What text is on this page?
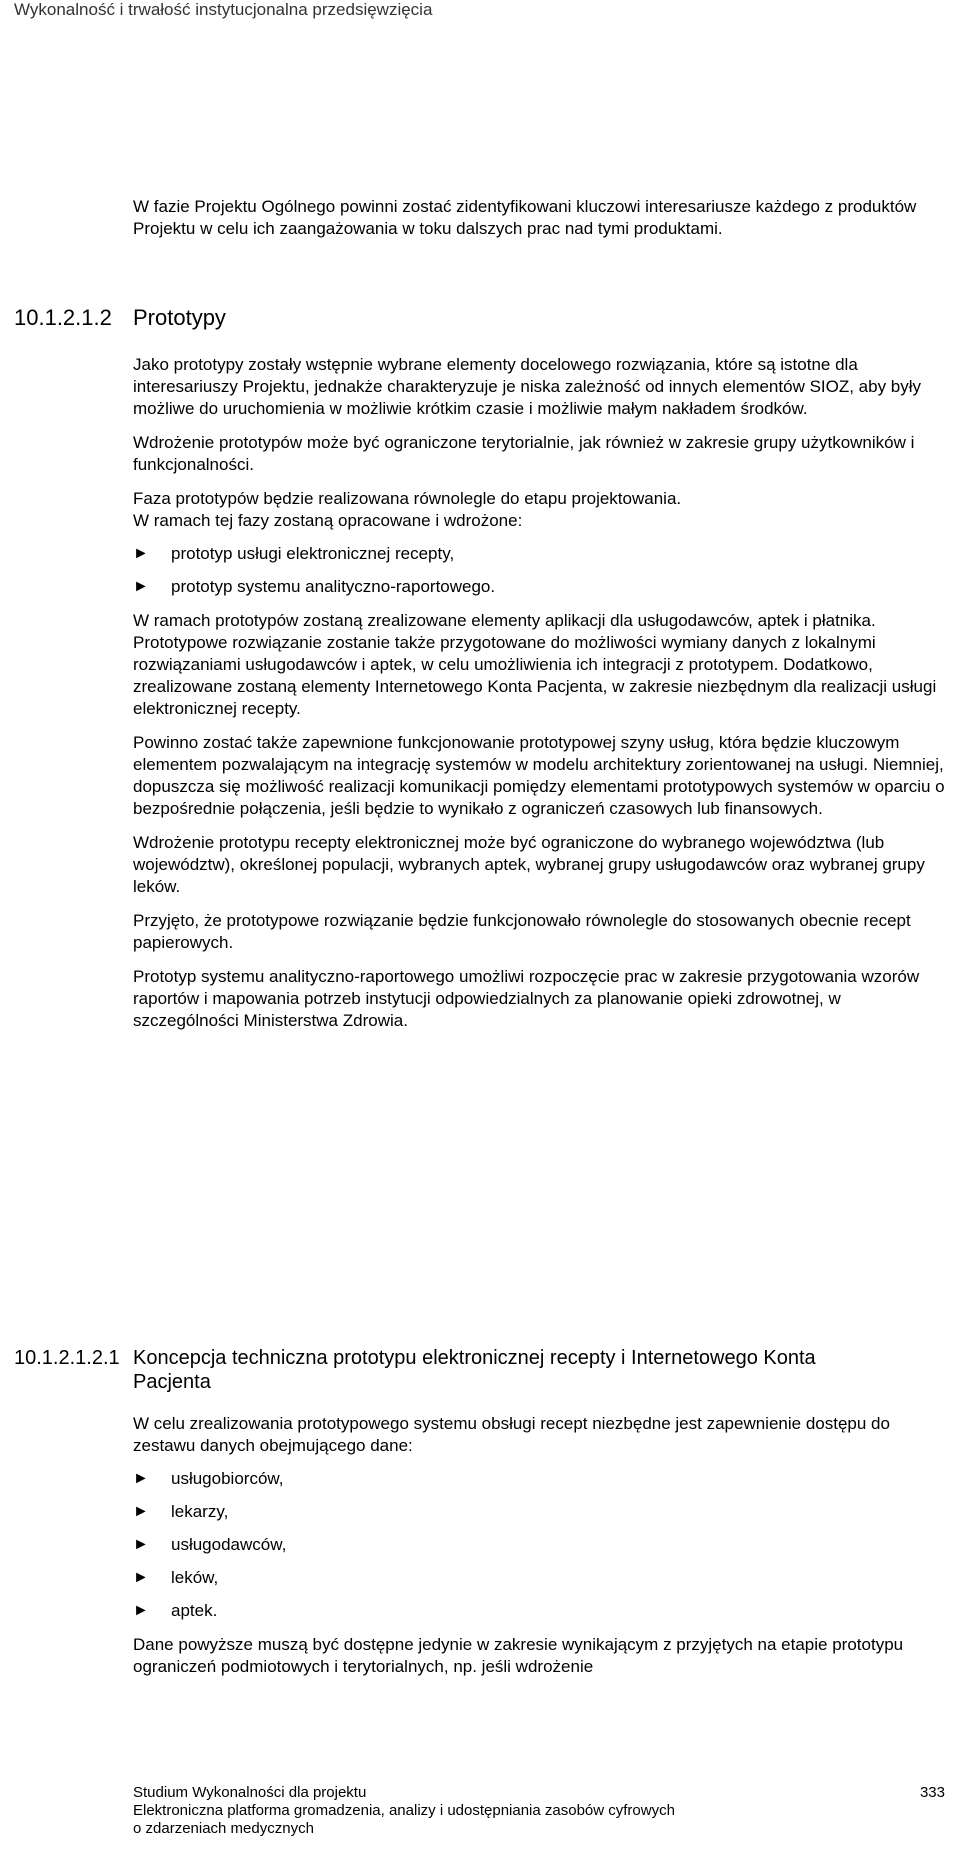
Wykonalność i trwałość instytucjonalna przedsięwzięcia

W fazie Projektu Ogólnego powinni zostać zidentyfikowani kluczowi interesariusze każdego z produktów Projektu w celu ich zaangażowania w toku dalszych prac nad tymi produktami.

10.1.2.1.2 Prototypy

Jako prototypy zostały wstępnie wybrane elementy docelowego rozwiązania, które są istotne dla interesariuszy Projektu, jednakże charakteryzuje je niska zależność od innych elementów SIOZ, aby były możliwe do uruchomienia w możliwie krótkim czasie i możliwie małym nakładem środków.

Wdrożenie prototypów może być ograniczone terytorialnie, jak również w zakresie grupy użytkowników i funkcjonalności.

Faza prototypów będzie realizowana równolegle do etapu projektowania.

W ramach tej fazy zostaną opracowane i wdrożone:

► prototyp usługi elektronicznej recepty,
► prototyp systemu analityczno-raportowego.

W ramach prototypów zostaną zrealizowane elementy aplikacji dla usługodawców, aptek i płatnika. Prototypowe rozwiązanie zostanie także przygotowane do możliwości wymiany danych z lokalnymi rozwiązaniami usługodawców i aptek, w celu umożliwienia ich integracji z prototypem. Dodatkowo, zrealizowane zostaną elementy Internetowego Konta Pacjenta, w zakresie niezbędnym dla realizacji usługi elektronicznej recepty.

Powinno zostać także zapewnione funkcjonowanie prototypowej szyny usług, która będzie kluczowym elementem pozwalającym na integrację systemów w modelu architektury zorientowanej na usługi. Niemniej, dopuszcza się możliwość realizacji komunikacji pomiędzy elementami prototypowych systemów w oparciu o bezpośrednie połączenia, jeśli będzie to wynikało z ograniczeń czasowych lub finansowych.

Wdrożenie prototypu recepty elektronicznej może być ograniczone do wybranego województwa (lub województw), określonej populacji, wybranych aptek, wybranej grupy usługodawców oraz wybranej grupy leków.

Przyjęto, że prototypowe rozwiązanie będzie funkcjonowało równolegle do stosowanych obecnie recept papierowych.

Prototyp systemu analityczno-raportowego umożliwi rozpoczęcie prac w zakresie przygotowania wzorów raportów i mapowania potrzeb instytucji odpowiedzialnych za planowanie opieki zdrowotnej, w szczególności Ministerstwa Zdrowia.

10.1.2.1.2.1 Koncepcja techniczna prototypu elektronicznej recepty i Internetowego Konta Pacjenta

W celu zrealizowania prototypowego systemu obsługi recept niezbędne jest zapewnienie dostępu do zestawu danych obejmującego dane:

► usługobiorców,
► lekarzy,
► usługodawców,
► leków,
► aptek.

Dane powyższe muszą być dostępne jedynie w zakresie wynikającym z przyjętych na etapie prototypu ograniczeń podmiotowych i terytorialnych, np. jeśli wdrożenie

Studium Wykonalności dla projektu
Elektroniczna platforma gromadzenia, analizy i udostępniania zasobów cyfrowych
o zdarzeniach medycznych
333
